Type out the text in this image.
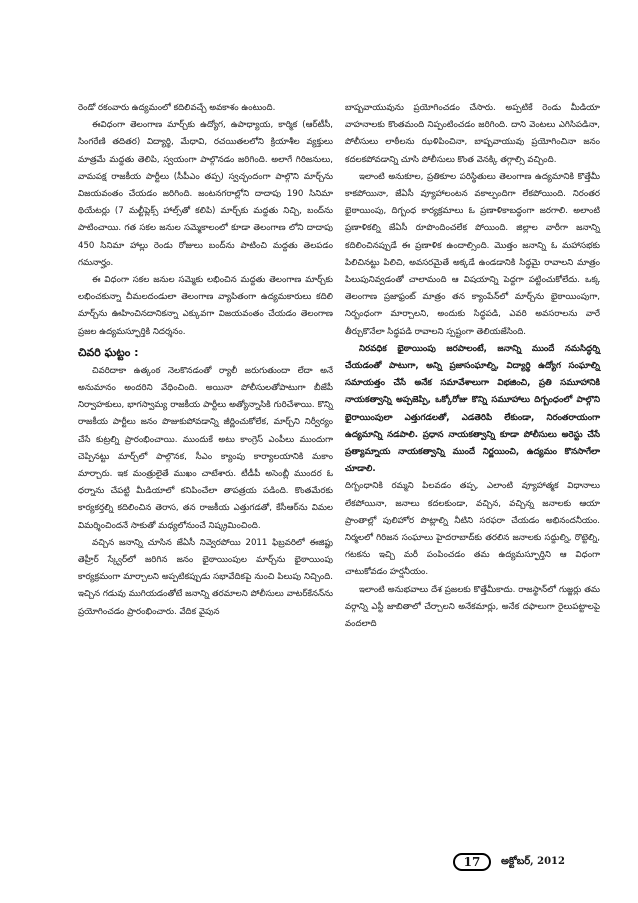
రెండో రకంవారు ఉద్యమంలో కదిలివచ్చే అవకాశం ఉంటుంది.

ఈవిధంగా తెలంగాణ మార్చ్‌కు ఉద్యోగ, ఉపాధ్యాయ, కార్మిక (ఆర్‌టీసీ, సింగరేణి తదితర) విద్యార్థి, మేధావి, రచయితలలోని క్రియాశీల వ్యక్తులు మాత్రమే మద్దతు తెలిపి, స్వయంగా పాల్గొనడం జరిగింది. అలాగే గిరిజనులు, వామపక్ష రాజకీయ పార్టీలు (సీపీఎం తప్ప) స్వచ్ఛందంగా పాల్గొని మార్చ్‌ను విజయవంతం చేయడం జరిగింది. జంటనగరాల్లోని దాదాపు 190 సినిమా థియేటర్లు (7 మల్టీప్లెక్స్ హాల్స్‌తో కలిపి) మార్చ్‌కు మద్దతు నిచ్చి, బంద్‌ను పాటించాయి. గత సకల జనుల సమ్మెకాలంలో కూడా తెలంగాణ లోని దాదాపు 450 సినిమా హాల్లు రెండు రోజులు బంద్‌ను పాటించి మద్దతు తెలపడం గమనార్హం.

ఈ విధంగా సకల జనుల సమ్మెకు లభించిన మద్దతు తెలంగాణ మార్చ్‌కు లభించకున్నా చీమలదండులా తెలంగాణ వ్యాపితంగా ఉద్యమకారులు కదిలి మార్చ్‌ను ఊహించినదానికన్నా ఎక్కువగా విజయవంతం చేయడం తెలంగాణ ప్రజల ఉద్యమస్ఫూర్తికి నిదర్శనం.

చివరి ఘట్టం :

చివరిదాకా ఉత్కంఠ నెలకొనడంతో ర్యాలీ జరుగుతుందా లేదా అనే అనుమానం అందరిని వేధించింది. అయినా పోలీసులతోపాటుగా బీజేపీ నిర్వాహకులు, భాగస్వామ్య రాజకీయ పార్టీలు అత్యోన్నాసికి గురిచేశాయి. కొన్ని రాజకీయ పార్టీలు జనం పొజుకుపోవడాన్ని జీర్ణించుకోలేక, మార్చ్‌ని నిర్వీర్యం చేసే కుట్రల్ని ప్రారంభించాయి. ముందుకే అటు కాంగ్రెస్ ఎంపీలు ముందుగా చెప్పినట్టు మార్చ్‌లో పాల్గొనక, సీఎం క్యాంపు కార్యాలయానికి మకాం మార్చారు. ఇక మంత్రులైతే ముఖం చాటేశారు. టీడీపీ అసెంబ్లీ ముందర ఓ ధర్నాను చేపట్టి మీడియాలో కనిపించేలా తాపత్రయ పడింది. కొంతమేరకు కార్యకర్తల్ని కదిలించిన తెరాస, తన రాజకీయ ఎత్తుగడతో, కేసీఆర్‌ను విమల విమర్శించిందనే సాకుతో మధ్యలోనుంచే నిష్క్రమించింది.

వచ్చిన జనాన్ని చూసిన జేఏసీ నివ్వెరపోయి 2011 ఫిబ్రవరిలో ఈజిప్టు తెహ్రీర్ స్క్వేర్‌లో జరిగిన జనం భైఠాయింపుల మార్చ్‌ను భైఠాయింపు కార్యక్రమంగా మార్చాలని అప్పటికప్పుడు సభావేదికపై నుంచి పిలుపు నిచ్చింది. ఇచ్చిన గడువు ముగియడంతోటే జనాన్ని తరమాలని పోలీసులు వాటర్‌కేనన్‌ను ప్రయోగించడం ప్రారంభించారు. వేదిక వైపున

బాష్పవాయువును ప్రయోగించడం చేసారు. అప్పటికే రెండు మీడియా వాహనాలకు కొంతమంది నిప్పంటించడం జరిగింది. దాని వెంటలు ఎగిసిపడినా, పోలీసులు లాఠీలను ఝళిపించినా, బాష్పవాయువు ప్రయోగించినా జనం కదలకపోవడాన్ని చూసి పోలీసులు కొంత వెనక్కి తగ్గాల్సి వచ్చింది.

ఇలాంటి అనుకూల, ప్రతికూల పరిస్థితులు తెలంగాణ ఉద్యమానికి కొత్తేమీ కాకపోయినా, జేఏసీ వ్యూహాలంటన వకాల్పందిగా లేకపోయింది. నిరంతర భైఠాయింపు, దిగ్బంధ కార్యక్రమాలు ఓ ప్రణాళికాబద్ధంగా జరగాలి. అలాంటి ప్రణాళికల్ని జేఏసీ రూపొందించలేక పోయింది. జిల్లాల వారీగా జనాన్ని కదిలించినప్పుడే ఈ ప్రణాళిక ఉందాల్సింది. మొత్తం జనాన్ని ఓ మహాసభకు పిలిచినట్టు పిలిచి, అవసరమైతే అక్కడే ఉండడానికి సిద్ధమై రావాలని మాత్రం పిలుపునివ్వడంతో చాలామంది ఆ విషయాన్ని పెద్దగా పట్టించుకోలేదు. ఒక్క తెలంగాణ ప్రజాఫ్రంట్ మాత్రం తన క్యాంపేన్‌లో మార్చ్‌ను భైఠాయింపుగా, నిర్బంధంగా మార్చాలని, అందుకు సిద్ధపడి, ఎవరి అవసరాలను వారే తీర్చుకొనేలా సిద్ధపడి రావాలని స్పష్టంగా తెలియజేసింది.

నిరవధిక భైఠాయింపు జరపాలంటే, జనాన్ని ముందే నమసిద్ధర్ని చేయడంతో పాటుగా, అన్ని ప్రజాసంఘాల్ని, విద్యార్థి ఉద్యోగ సంఘాల్ని సమాయత్తం చేసే అనేక సమావేశాలుగా విభజించి, ప్రతి సమూహానికి నాయకత్వాన్ని అప్పజెప్పి, ఒక్కోరోజు కొన్ని సమూహాలు దిగ్బంధంలో పాల్గొని భైరాయింపులా ఎత్తుగడలతో, ఎడతెరిపి లేకుండా, నిరంతరాయంగా ఉద్యమాన్ని నడపాలి. ప్రధాన నాయకత్వాన్ని కూడా పోలీసులు అరెస్టు చేసే ప్రత్యామ్నాయ నాయకత్వాన్ని ముందే నిర్ణయించి, ఉద్యమం కొనసాగేలా చూడాలి.

దిగ్బంధానికి రమ్మని పిలవడం తప్ప, ఎలాంటి వ్యూహాత్మక విధానాలు లేకపోయినా, జనాలు కదలకుండా, వచ్చిన, వచ్చిన్న జనాలకు ఆయా ప్రాంతాల్లో పులిహోర పొట్లాల్ని నీటిని సరఫరా చేయడం అభినందనీయం. నిర్మలలో గిరిజన సంఘాలు హైదరాబాద్‌కు తరలిన జనాలకు సద్దుల్ని, రొట్టెల్ని, గటకను ఇచ్చి మరీ పంపించడం తమ ఉద్యమస్ఫూర్తిని ఆ విధంగా చాటుకోవడం హర్షనీయం.

ఇలాంటి అనుభవాలు దేశ ప్రజలకు కొత్తేమీకాదు. రాజస్థాన్‌లో గుజ్జర్లు తమ వర్గాన్ని ఎస్టీ జాబితాలో చేర్చాలని అనేకమార్లు, అనేక దఫాలుగా రైలుపట్టాలపై వందలాది

17	అక్టోబర్, 2012
